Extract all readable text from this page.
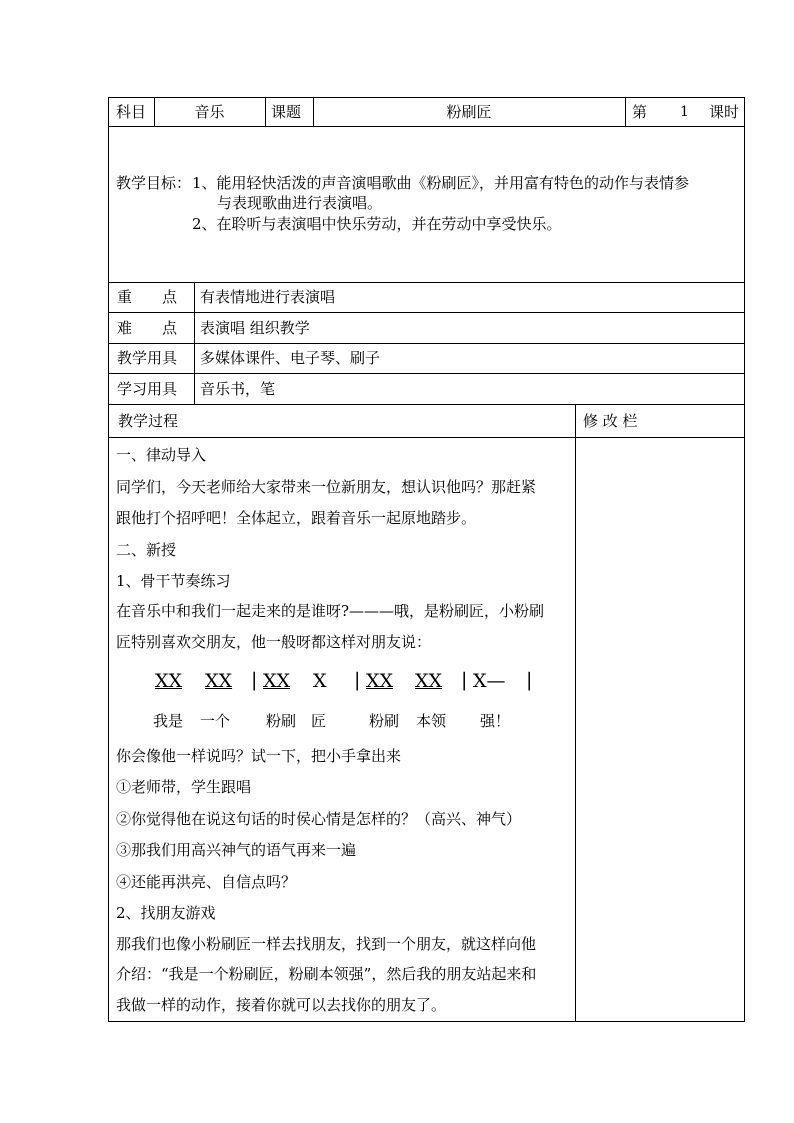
科目	音乐	课题	粉刷匠	第 1 课时
教学目标： 1、能用轻快活泼的声音演唱歌曲《粉刷匠》，并用富有特色的动作与表情参
与表现歌曲进行表演唱。
2、在聆听与表演唱中快乐劳动，并在劳动中享受快乐。
重　　点 有表情地进行表演唱
难　　点 表演唱 组织教学
教学用具 多媒体课件、电子琴、刷子
学习用具 音乐书，笔
教学过程	修 改 栏
一、律动导入
同学们，今天老师给大家带来一位新朋友，想认识他吗？那赶紧
跟他打个招呼吧！全体起立，跟着音乐一起原地踏步。
二、新授
1、骨干节奏练习
在音乐中和我们一起走来的是谁呀?———哦，是粉刷匠，小粉刷
匠特别喜欢交朋友，他一般呀都这样对朋友说：
XX XX | XX X | XX XX | X— |
我是 一个 粉刷 匠	粉刷 本领 强！
你会像他一样说吗？试一下，把小手拿出来
①老师带，学生跟唱
②你觉得他在说这句话的时侯心情是怎样的？（高兴、神气）
③那我们用高兴神气的语气再来一遍
④还能再洪亮、自信点吗？
2、找朋友游戏
那我们也像小粉刷匠一样去找朋友，找到一个朋友，就这样向他
介绍：“我是一个粉刷匠，粉刷本领强”，然后我的朋友站起来和
我做一样的动作，接着你就可以去找你的朋友了。
